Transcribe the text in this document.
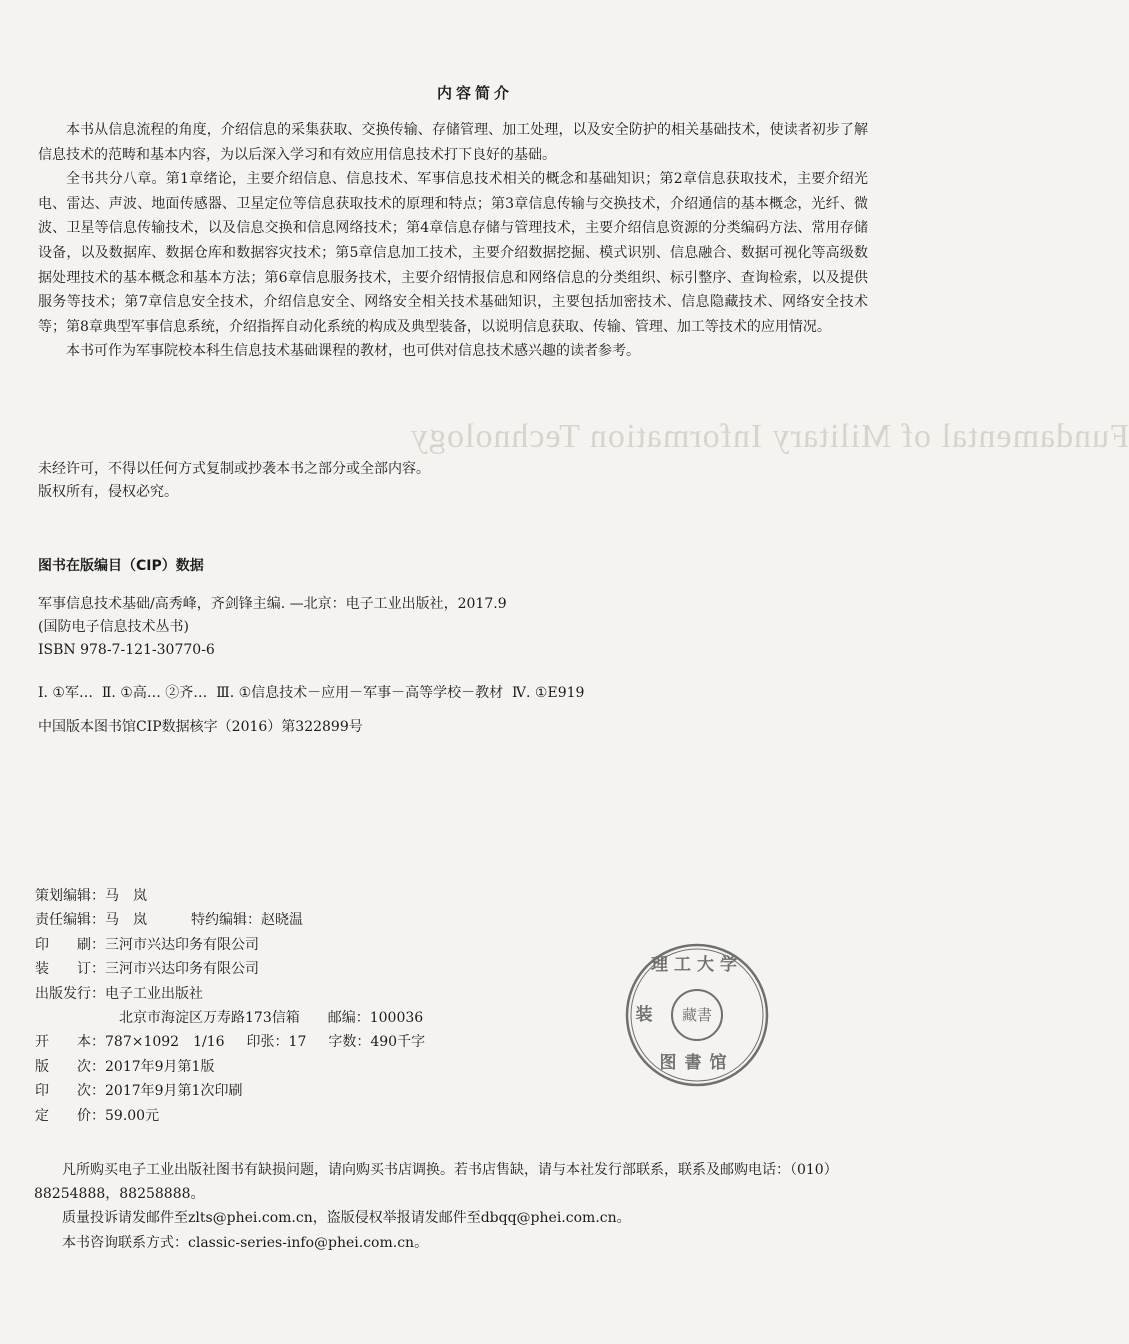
Fundamental of Military Information Technology
内容简介

本书从信息流程的角度，介绍信息的采集获取、交换传输、存储管理、加工处理，以及安全防护的相关基础技术，使读者初步了解信息技术的范畴和基本内容，为以后深入学习和有效应用信息技术打下良好的基础。

全书共分八章。第1章绪论，主要介绍信息、信息技术、军事信息技术相关的概念和基础知识；第2章信息获取技术，主要介绍光电、雷达、声波、地面传感器、卫星定位等信息获取技术的原理和特点；第3章信息传输与交换技术，介绍通信的基本概念，光纤、微波、卫星等信息传输技术，以及信息交换和信息网络技术；第4章信息存储与管理技术，主要介绍信息资源的分类编码方法、常用存储设备，以及数据库、数据仓库和数据容灾技术；第5章信息加工技术，主要介绍数据挖掘、模式识别、信息融合、数据可视化等高级数据处理技术的基本概念和基本方法；第6章信息服务技术，主要介绍情报信息和网络信息的分类组织、标引整序、查询检索，以及提供服务等技术；第7章信息安全技术，介绍信息安全、网络安全相关技术基础知识，主要包括加密技术、信息隐藏技术、网络安全技术等；第8章典型军事信息系统，介绍指挥自动化系统的构成及典型装备，以说明信息获取、传输、管理、加工等技术的应用情况。

本书可作为军事院校本科生信息技术基础课程的教材，也可供对信息技术感兴趣的读者参考。

未经许可，不得以任何方式复制或抄袭本书之部分或全部内容。
版权所有，侵权必究。
图书在版编目（CIP）数据
军事信息技术基础/高秀峰，齐剑锋主编. —北京：电子工业出版社，2017.9
(国防电子信息技术丛书)
ISBN 978-7-121-30770-6
Ⅰ. ①军…  Ⅱ. ①高… ②齐…  Ⅲ. ①信息技术－应用－军事－高等学校－教材  Ⅳ. ①E919
中国版本图书馆CIP数据核字（2016）第322899号
策划编辑：马　岚
责任编辑：马　岚	特约编辑：赵晓温
印　　刷：三河市兴达印务有限公司
装　　订：三河市兴达印务有限公司
出版发行：电子工业出版社
北京市海淀区万寿路173信箱 邮编：100036
开　　本：787×1092　1/16 印张：17 字数：490千字
版　　次：2017年9月第1版
印　　次：2017年9月第1次印刷
定　　价：59.00元
理工大学
装 藏書
图書馆

凡所购买电子工业出版社图书有缺损问题，请向购买书店调换。若书店售缺，请与本社发行部联系，联系及邮购电话：（010）88254888，88258888。

质量投诉请发邮件至zlts@phei.com.cn，盗版侵权举报请发邮件至dbqq@phei.com.cn。

本书咨询联系方式：classic-series-info@phei.com.cn。
